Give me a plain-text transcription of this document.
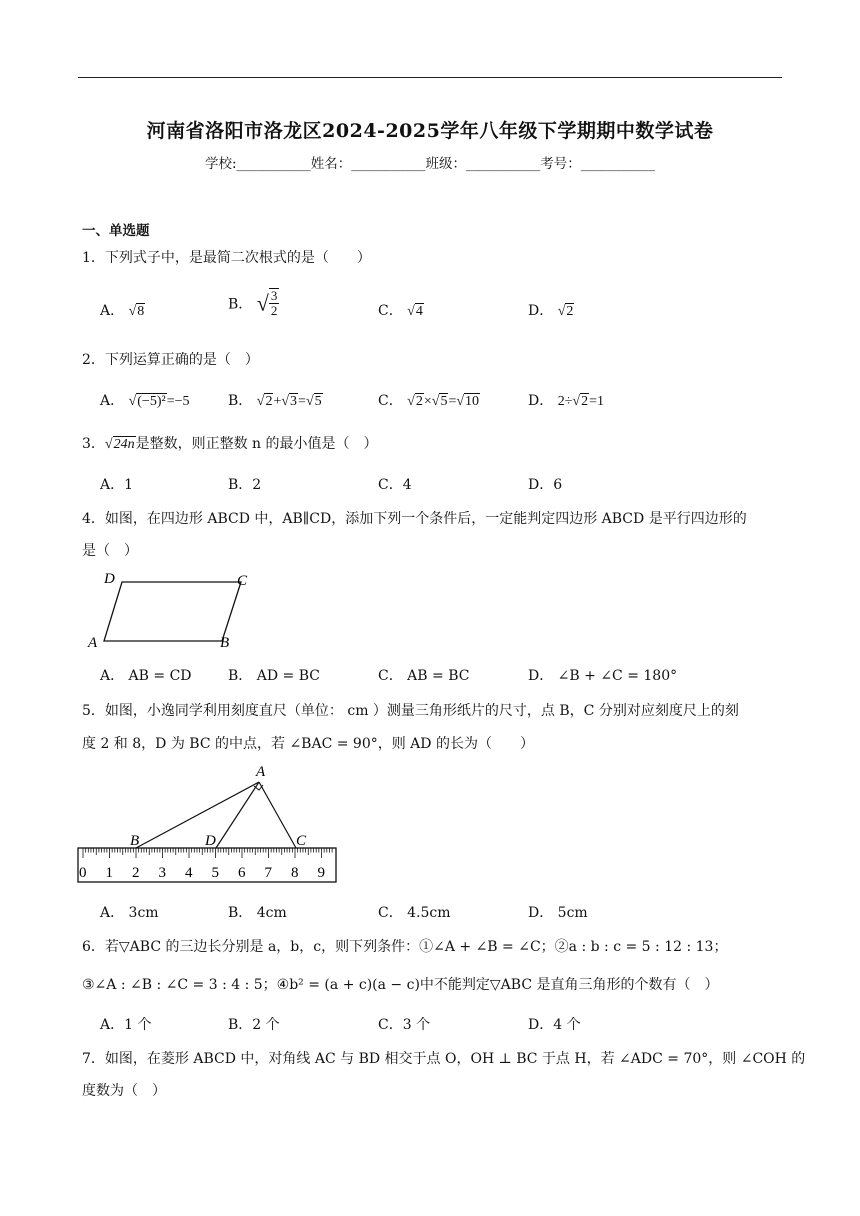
河南省洛阳市洛龙区2024-2025学年八年级下学期期中数学试卷
学校:___________姓名：___________班级：___________考号：___________
一、单选题
1．下列式子中，是最简二次根式的是（　　）
A． √8	B． √ $\frac{3}{2}$	C． √4	D． √2
2．下列运算正确的是（　）
A． √(−5)²=−5	B． √2+√3=√5	C． √2×√5=√10	D． 2÷√2=1
3．√24n是整数，则正整数 n 的最小值是（　）
A．1	B．2	C．4	D．6
4．如图，在四边形 ABCD 中，AB∥CD，添加下列一个条件后，一定能判定四边形 ABCD 是平行四边形的
是（　）
D	C
A	B
A． AB = CD	B． AD = BC	C． AB = BC	D． ∠B + ∠C = 180°
5．如图，小逸同学利用刻度直尺（单位： cm ）测量三角形纸片的尺寸，点 B，C 分别对应刻度尺上的刻
度 2 和 8，D 为 BC 的中点，若 ∠BAC = 90°，则 AD 的长为（　　）
0 1 2 3 4 5 6 7 8 9
A
B	D	C
A． 3cm	B． 4cm	C． 4.5cm	D． 5cm
6．若▽ABC 的三边长分别是 a，b，c，则下列条件：①∠A + ∠B = ∠C；②a : b : c = 5 : 12 : 13；
③∠A : ∠B : ∠C = 3 : 4 : 5；④b² = (a + c)(a − c)中不能判定▽ABC 是直角三角形的个数有（　）
A．1 个	B．2 个	C．3 个	D．4 个
7．如图，在菱形 ABCD 中，对角线 AC 与 BD 相交于点 O，OH ⊥ BC 于点 H，若 ∠ADC = 70°，则 ∠COH 的
度数为（　）
